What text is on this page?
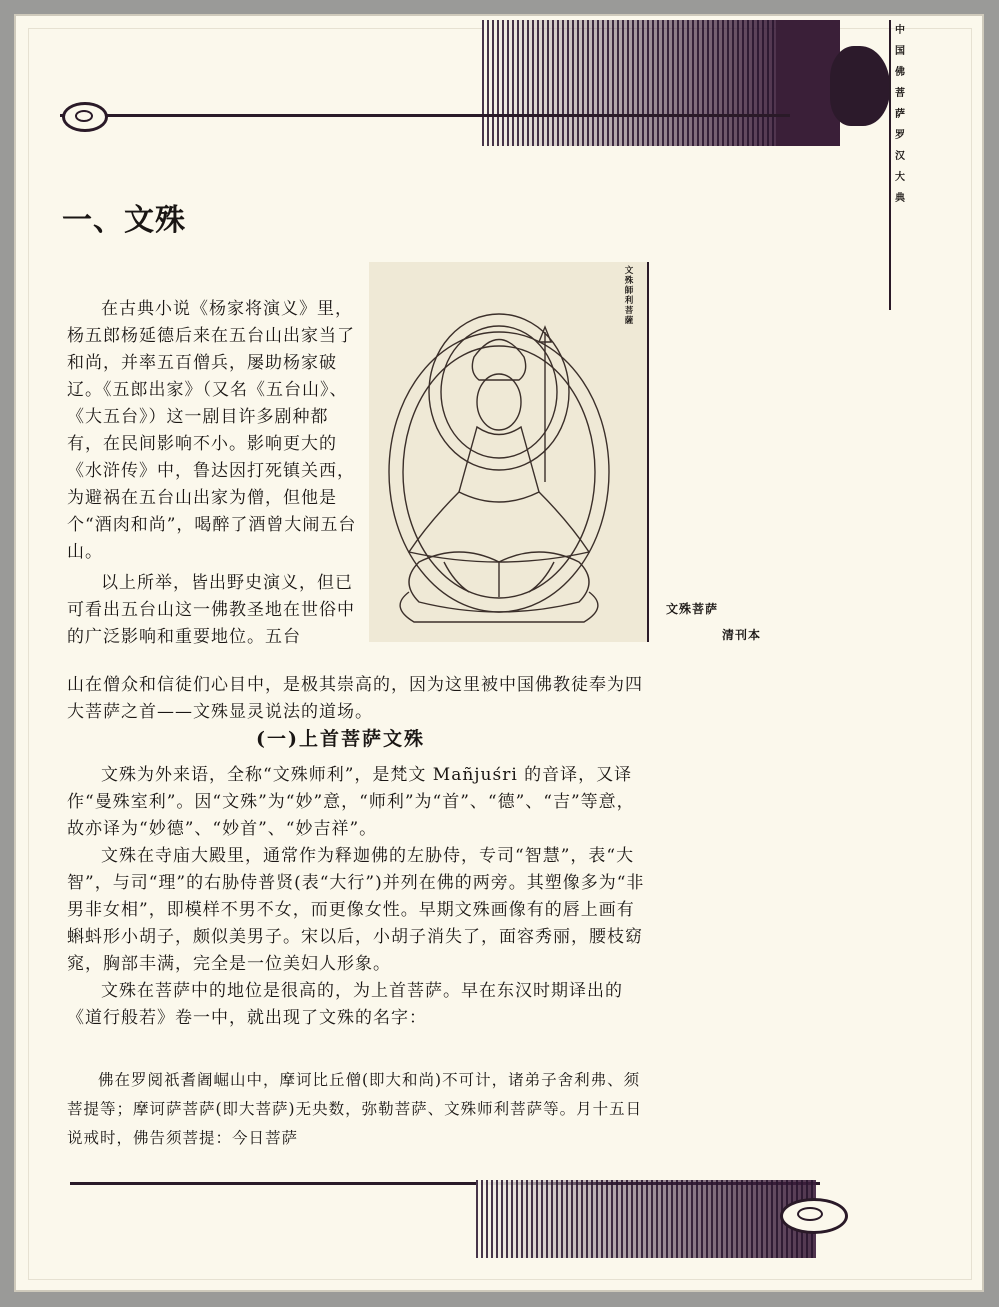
中
国
佛
菩
萨
罗
汉
大
典
一、文殊
文殊師利菩薩
文殊菩萨
清刊本

在古典小说《杨家将演义》里，杨五郎杨延德后来在五台山出家当了和尚，并率五百僧兵，屡助杨家破辽。《五郎出家》（又名《五台山》、《大五台》）这一剧目许多剧种都有，在民间影响不小。影响更大的《水浒传》中，鲁达因打死镇关西，为避祸在五台山出家为僧，但他是个“酒肉和尚”，喝醉了酒曾大闹五台山。

以上所举，皆出野史演义，但已可看出五台山这一佛教圣地在世俗中的广泛影响和重要地位。五台

山在僧众和信徒们心目中，是极其崇高的，因为这里被中国佛教徒奉为四大菩萨之首——文殊显灵说法的道场。

(一)上首菩萨文殊

文殊为外来语，全称“文殊师利”，是梵文 Mañjuśri 的音译，又译作“曼殊室利”。因“文殊”为“妙”意，“师利”为“首”、“德”、“吉”等意，故亦译为“妙德”、“妙首”、“妙吉祥”。

文殊在寺庙大殿里，通常作为释迦佛的左胁侍，专司“智慧”，表“大智”，与司“理”的右胁侍普贤(表“大行”)并列在佛的两旁。其塑像多为“非男非女相”，即模样不男不女，而更像女性。早期文殊画像有的唇上画有蝌蚪形小胡子，颇似美男子。宋以后，小胡子消失了，面容秀丽，腰枝窈窕，胸部丰满，完全是一位美妇人形象。

文殊在菩萨中的地位是很高的，为上首菩萨。早在东汉时期译出的《道行般若》卷一中，就出现了文殊的名字：

佛在罗阅祇耆阇崛山中，摩诃比丘僧(即大和尚)不可计，诸弟子舍利弗、须菩提等；摩诃萨菩萨(即大菩萨)无央数，弥勒菩萨、文殊师利菩萨等。月十五日说戒时，佛告须菩提：今日菩萨
